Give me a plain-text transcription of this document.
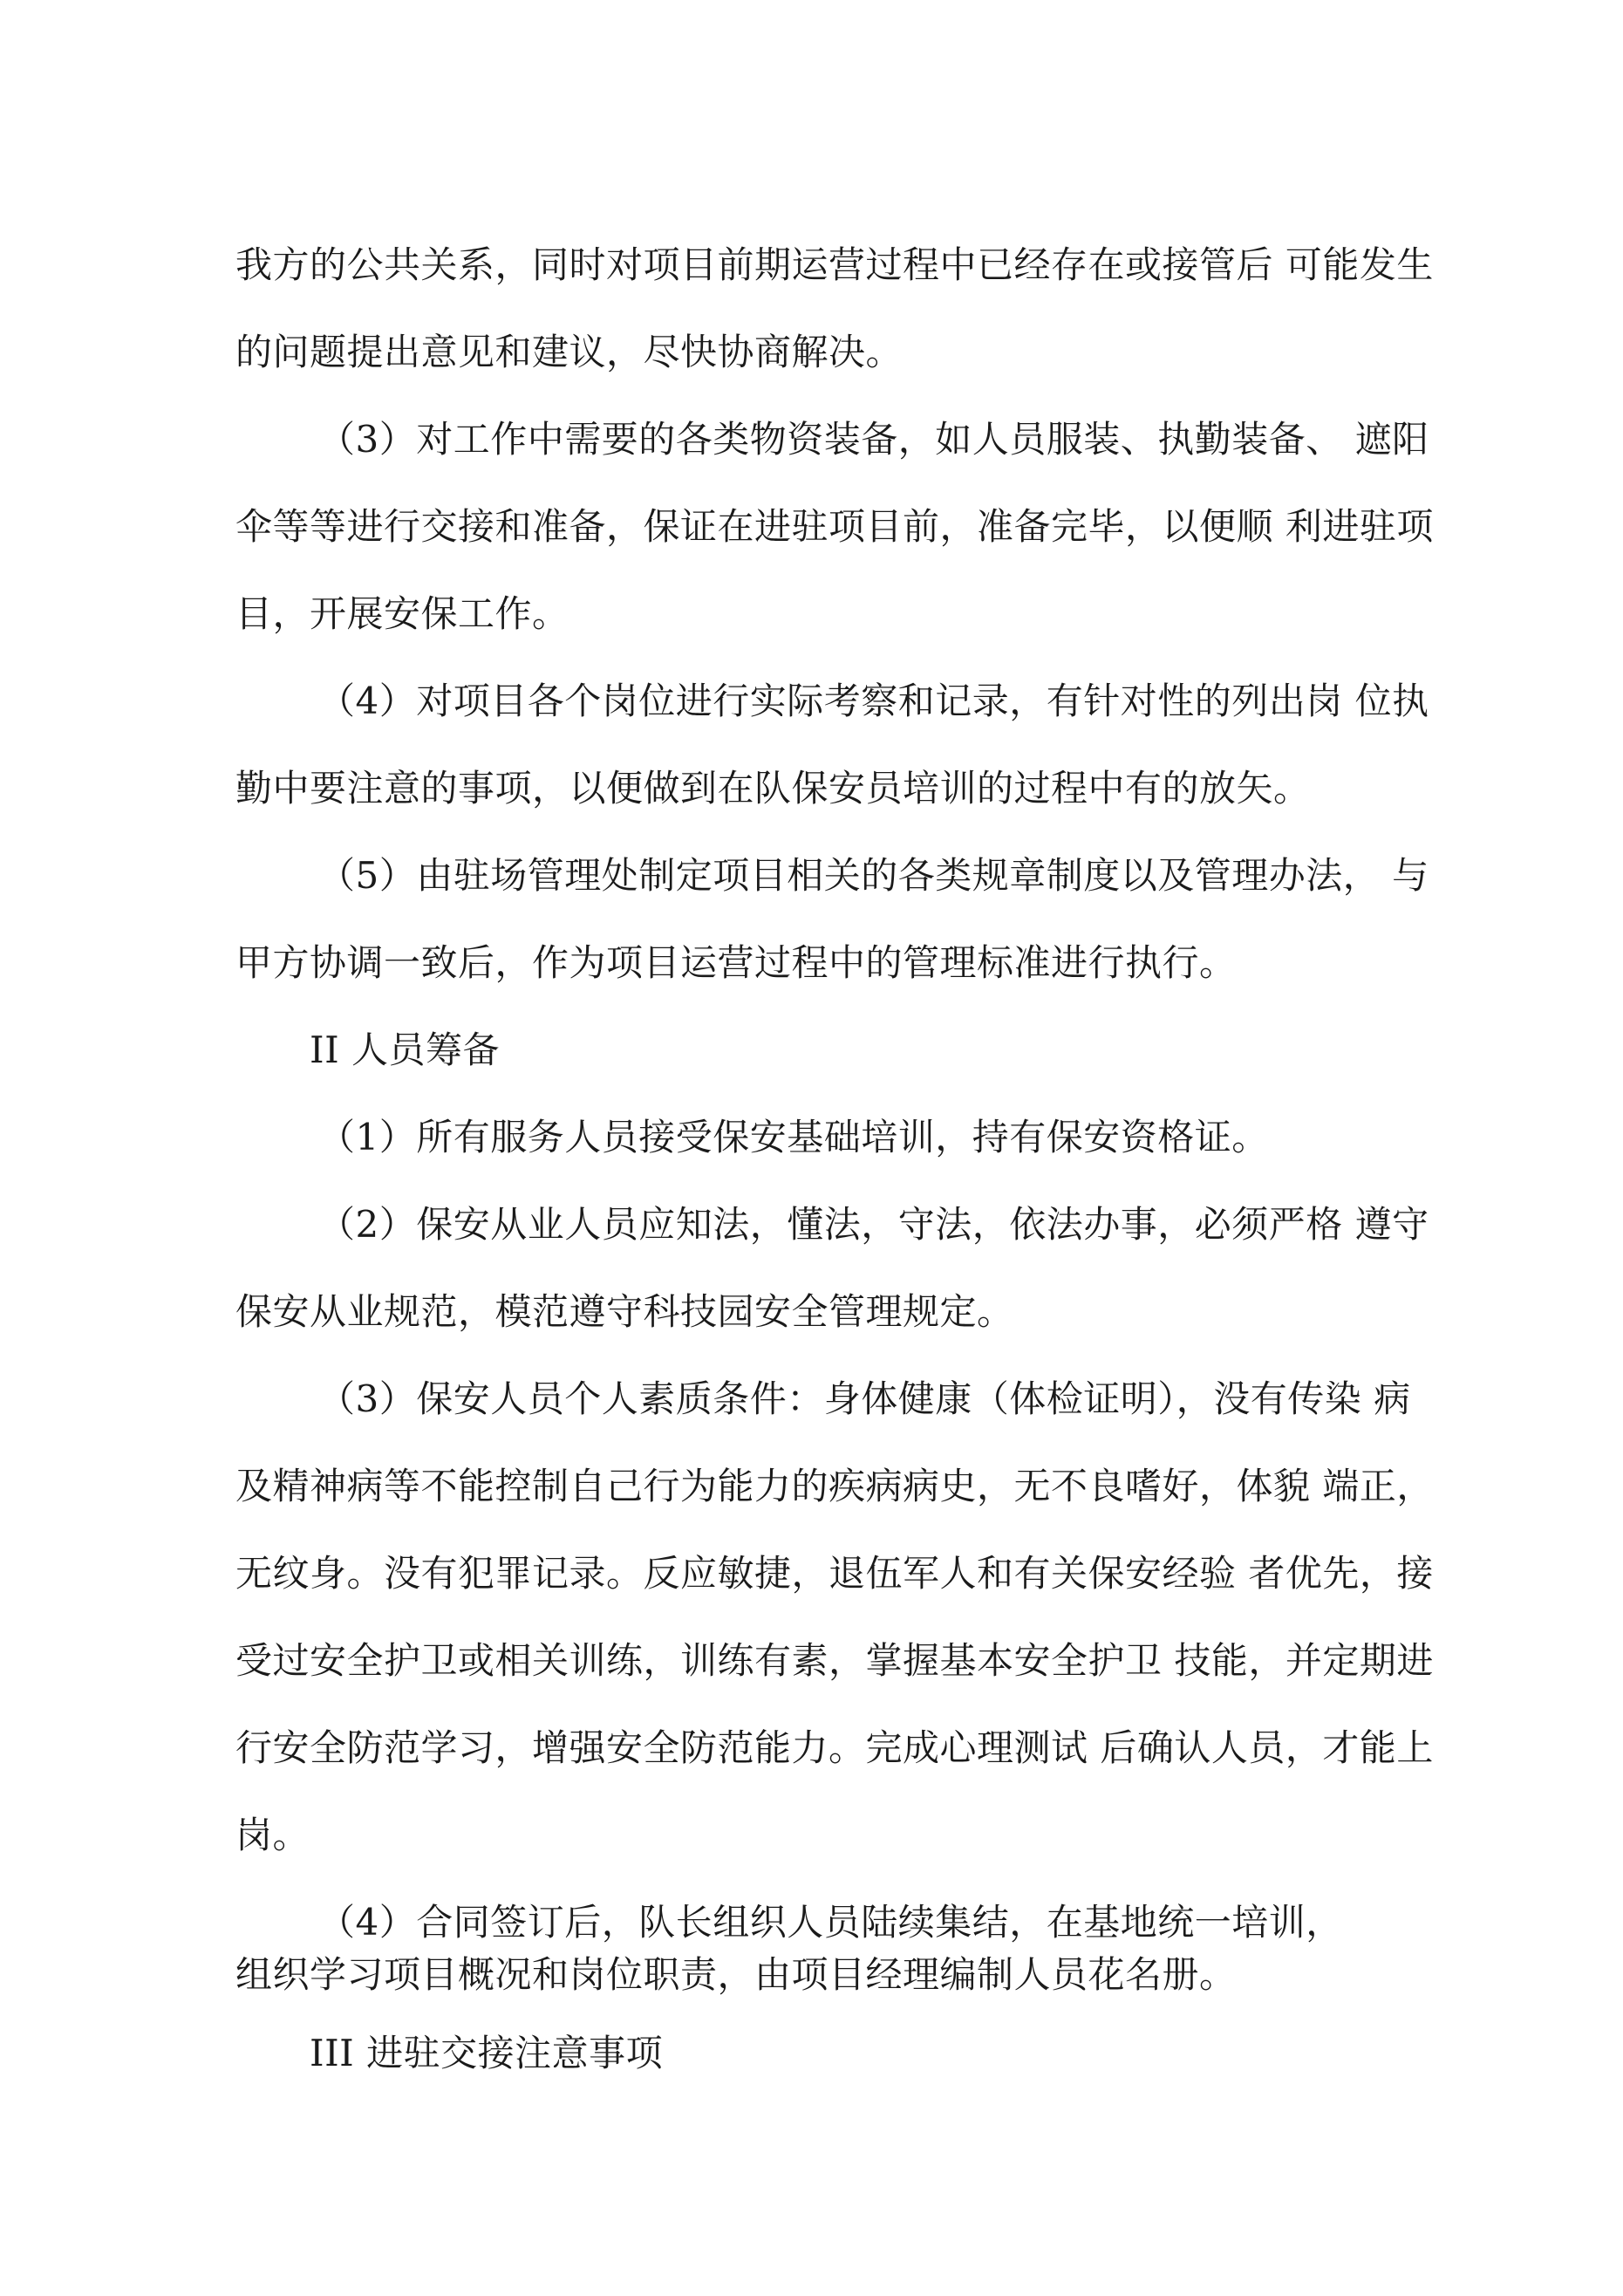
我方的公共关系，同时对项目前期运营过程中已经存在或接管后 可能发生
的问题提出意见和建议，尽快协商解决。
（3）对工作中需要的各类物资装备，如人员服装、执勤装备、 遮阳
伞等等进行交接和准备，保证在进驻项目前，准备完毕，以便顺 利进驻项
目，开展安保工作。
（4）对项目各个岗位进行实际考察和记录，有针对性的列出岗 位执
勤中要注意的事项，以便做到在队保安员培训的过程中有的放矢。
（5）由驻场管理处制定项目相关的各类规章制度以及管理办法， 与
甲方协调一致后，作为项目运营过程中的管理标准进行执行。
II 人员筹备
（1）所有服务人员接受保安基础培训，持有保安资格证。
（2）保安从业人员应知法，懂法，守法，依法办事，必须严格 遵守
保安从业规范，模范遵守科技园安全管理规定。
（3）保安人员个人素质条件：身体健康（体检证明），没有传染 病
及精神病等不能控制自己行为能力的疾病病史，无不良嗜好，体貌 端正，
无纹身。没有犯罪记录。反应敏捷，退伍军人和有关保安经验 者优先，接
受过安全护卫或相关训练，训练有素，掌握基本安全护卫 技能，并定期进
行安全防范学习，增强安全防范能力。完成心理测试 后确认人员，才能上
岗。
（4）合同签订后，队长组织人员陆续集结，在基地统一培训，
组织学习项目概况和岗位职责，由项目经理编制人员花名册。
III 进驻交接注意事项
